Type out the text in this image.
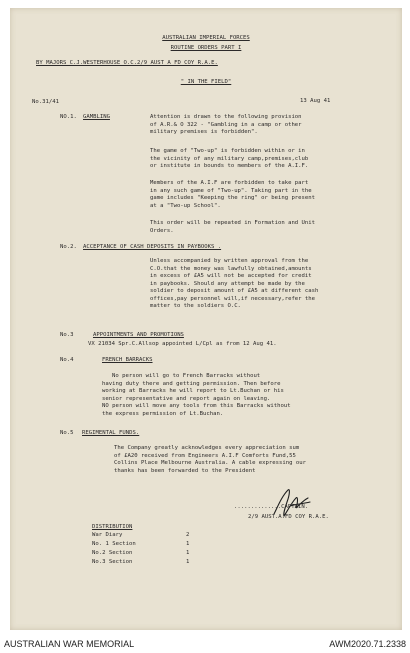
AUSTRALIAN IMPERIAL FORCES
ROUTINE ORDERS PART I
BY MAJORS C.J.WESTERHOUSE O.C.2/9 AUST A FD COY R.A.E.
" IN THE FIELD"
No.31/41	13 Aug 41
NO.1. GAMBLING	Attention is drawn to the following provision
of A.R.& O 322 - "Gambling in a camp or other
military premises is forbidden".
The game of "Two-up" is forbidden within or in
the vicinity of any military camp,premises,club
or institute in bounds to members of the A.I.F.
Members of the A.I.F are forbidden to take part
in any such game of "Two-up". Taking part in the
game includes "Keeping the ring" or being present
at a "Two-up School".
This order will be repeated in Formation and Unit
Orders.
No.2. ACCEPTANCE OF CASH DEPOSITS IN PAYBOOKS .
Unless accompanied by written approval from the
C.O.that the money was lawfully obtained,amounts
in excess of £A5 will not be accepted for credit
in paybooks. Should any attempt be made by the
soldier to deposit amount of £A5 at different cash
offices,pay personnel will,if necessary,refer the
matter to the soldiers O.C.
No.3	APPOINTMENTS AND PROMOTIONS
VX 21034 Spr.C.Allsop appointed L/Cpl as from 12 Aug 41.
No.4	FRENCH BARRACKS
No person will go to French Barracks without
having duty there and getting permission. Then before
working at Barracks he will report to Lt.Buchan or his
senior representative and report again on leaving.
NO person will move any tools from this Barracks without
the express permission of Lt.Buchan.
No.5 REGIMENTAL FUNDS.
The Company greatly acknowledges every appreciation sum
of £A20 received from Engineers A.I.F Comforts Fund,55
Collins Place Melbourne Australia. A cable expressing our
thanks has been forwarded to the President
..............CAPTAIN.
2/9 AUST.A.FD COY R.A.E.
DISTRIBUTION
War Diary	2
No. 1 Section	1
No.2 Section	1
No.3 Section	1
AUSTRALIAN WAR MEMORIAL	AWM2020.71.2338
